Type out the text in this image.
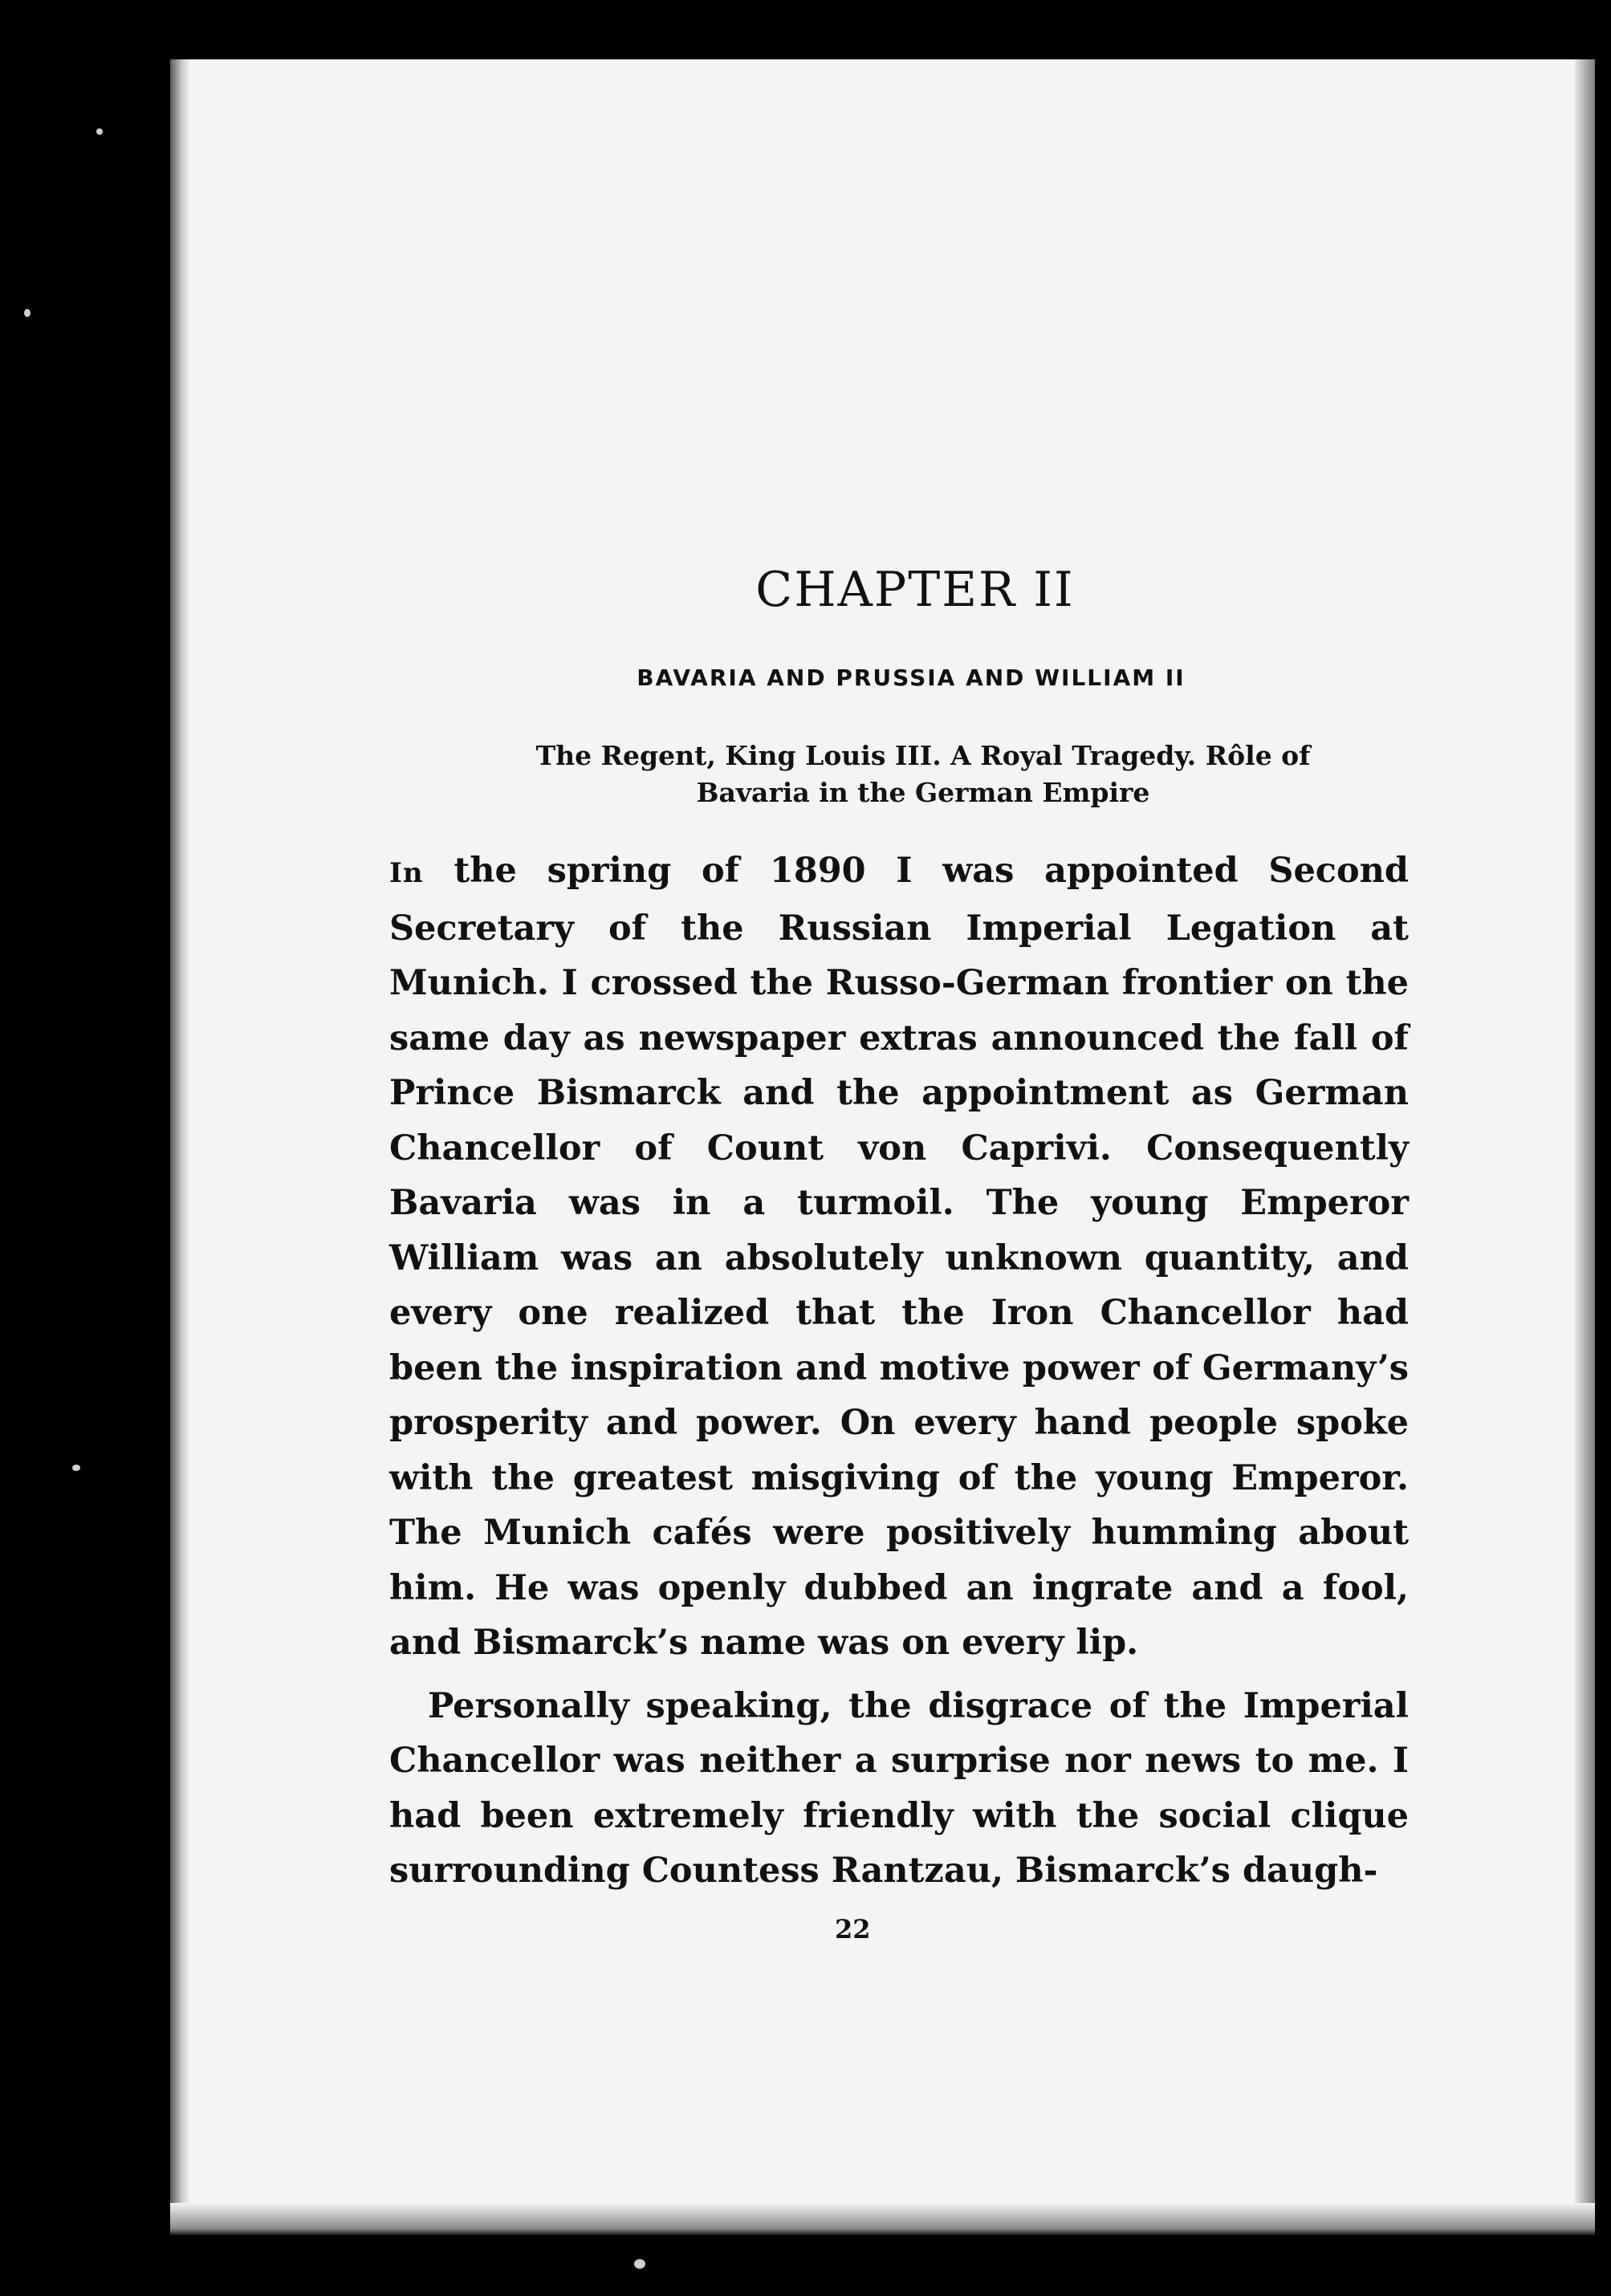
CHAPTER II
BAVARIA AND PRUSSIA AND WILLIAM II
The Regent, King Louis III. A Royal Tragedy. Rôle of
Bavaria in the German Empire

In the spring of 1890 I was appointed Second Secretary of the Russian Imperial Legation at Munich. I crossed the Russo-German frontier on the same day as newspaper extras announced the fall of Prince Bismarck and the appointment as German Chancellor of Count von Caprivi. Consequently Bavaria was in a turmoil. The young Emperor William was an absolutely unknown quantity, and every one realized that the Iron Chancellor had been the inspiration and motive power of Germany’s prosperity and power. On every hand people spoke with the greatest misgiving of the young Emperor. The Munich cafés were positively humming about him. He was openly dubbed an ingrate and a fool, and Bismarck’s name was on every lip.

Personally speaking, the disgrace of the Imperial Chancellor was neither a surprise nor news to me. I had been extremely friendly with the social clique surrounding Countess Rantzau, Bismarck’s daugh-

22
